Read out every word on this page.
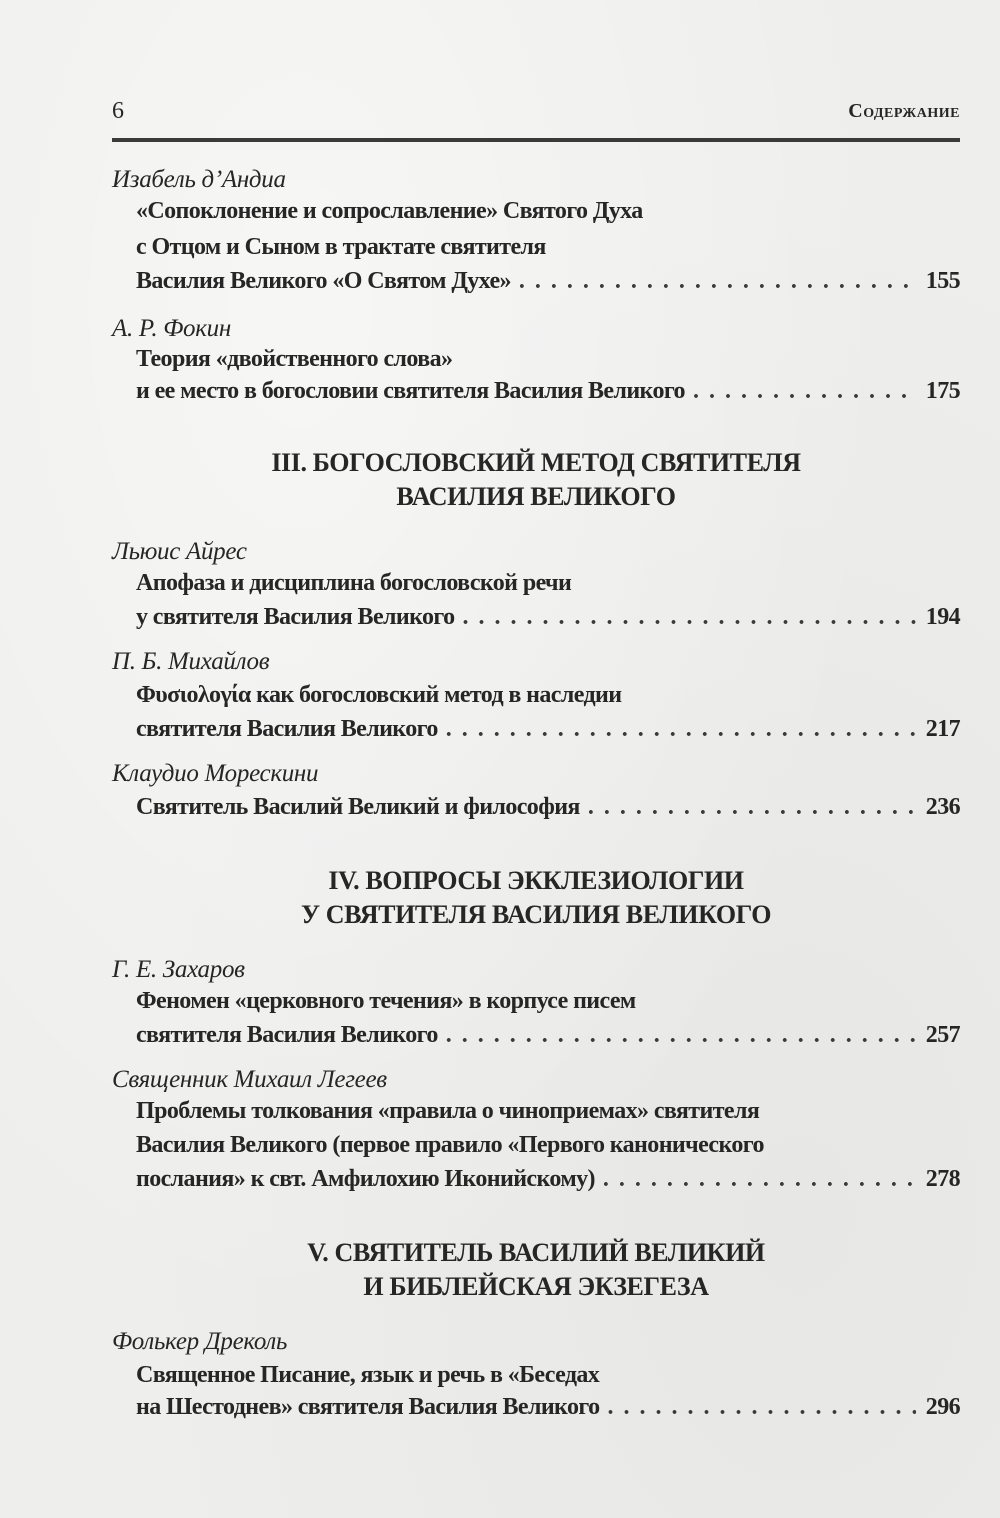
6	Содержание
Изабель д’Андиа
«Сопоклонение и сопрославление» Святого Духа
с Отцом и Сыном в трактате святителя
Василия Великого «О Святом Духе» . . .	155
А. Р. Фокин
Теория «двойственного слова»
и ее место в богословии святителя Василия Великого . . .	175
III. БОГОСЛОВСКИЙ МЕТОД СВЯТИТЕЛЯ
ВАСИЛИЯ ВЕЛИКОГО
Льюис Айрес
Апофаза и дисциплина богословской речи
у святителя Василия Великого . . .	194
П. Б. Михайлов
Φυσιολογία как богословский метод в наследии
святителя Василия Великого . . .	217
Клаудио Морескини
Святитель Василий Великий и философия . . .	236
IV. ВОПРОСЫ ЭККЛЕЗИОЛОГИИ
У СВЯТИТЕЛЯ ВАСИЛИЯ ВЕЛИКОГО
Г. Е. Захаров
Феномен «церковного течения» в корпусе писем
святителя Василия Великого . . .	257
Священник Михаил Легеев
Проблемы толкования «правила о чиноприемах» святителя
Василия Великого (первое правило «Первого канонического
послания» к свт. Амфилохию Иконийскому) . . .	278
V. СВЯТИТЕЛЬ ВАСИЛИЙ ВЕЛИКИЙ
И БИБЛЕЙСКАЯ ЭКЗЕГЕЗА
Фолькер Дреколь
Священное Писание, язык и речь в «Беседах
на Шестоднев» святителя Василия Великого . . .	296
